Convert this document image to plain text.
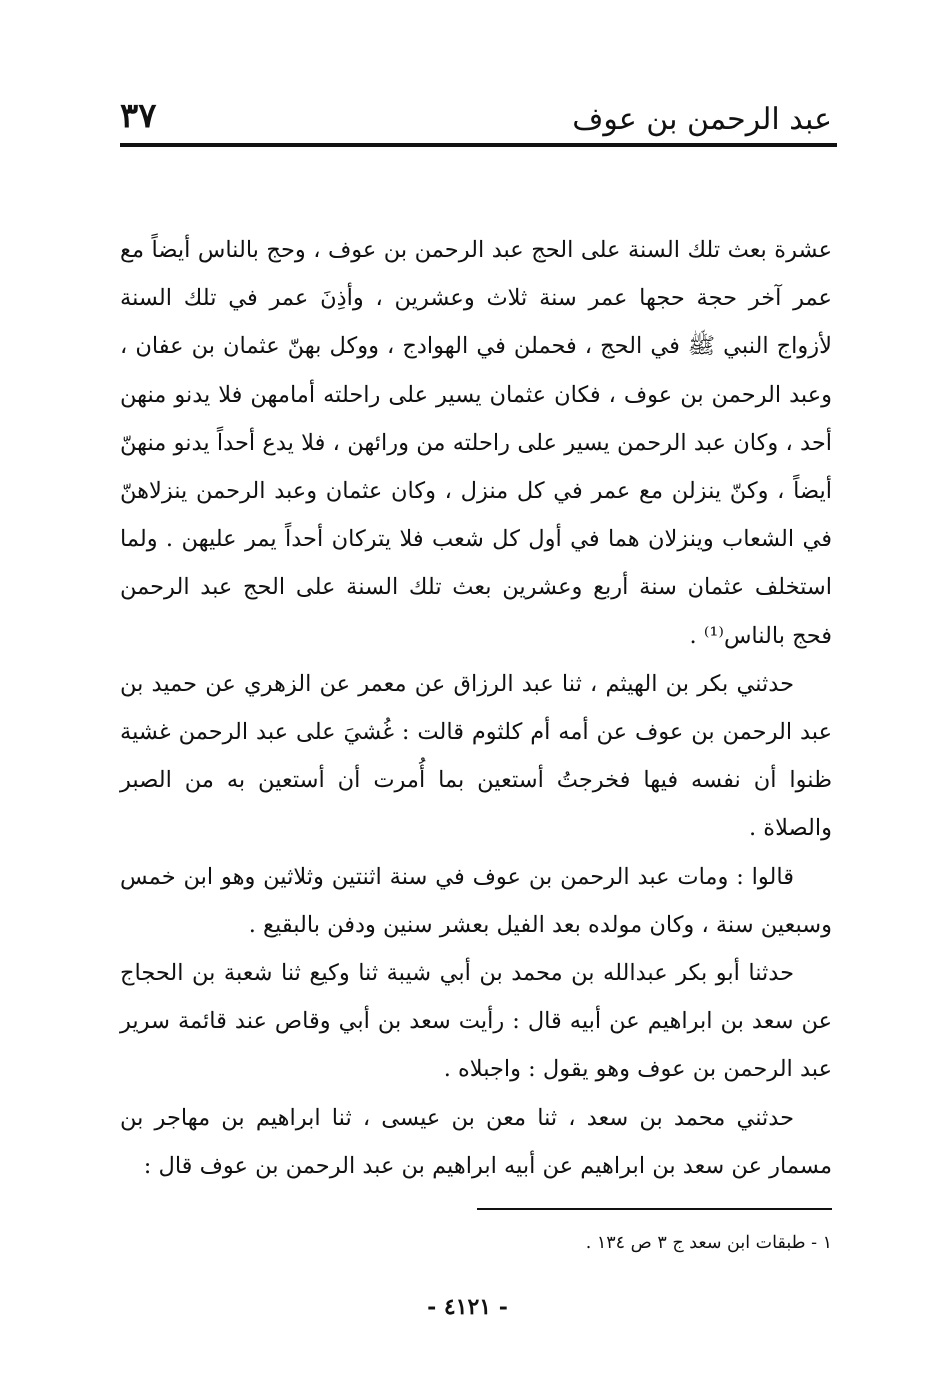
عبد الرحمن بن عوف
٣٧

عشرة بعث تلك السنة على الحج عبد الرحمن بن عوف ، وحج بالناس أيضاً مع عمر آخر حجة حجها عمر سنة ثلاث وعشرين ، وأذِنَ عمر في تلك السنة لأزواج النبي ﷺ في الحج ، فحملن في الهوادج ، ووكل بهنّ عثمان بن عفان ، وعبد الرحمن بن عوف ، فكان عثمان يسير على راحلته أمامهن فلا يدنو منهن أحد ، وكان عبد الرحمن يسير على راحلته من ورائهن ، فلا يدع أحداً يدنو منهنّ أيضاً ، وكنّ ينزلن مع عمر في كل منزل ، وكان عثمان وعبد الرحمن ينزلاهنّ في الشعاب وينزلان هما في أول كل شعب فلا يتركان أحداً يمر عليهن . ولما استخلف عثمان سنة أربع وعشرين بعث تلك السنة على الحج عبد الرحمن فحج بالناس⁽¹⁾ .

حدثني بكر بن الهيثم ، ثنا عبد الرزاق عن معمر عن الزهري عن حميد بن عبد الرحمن بن عوف عن أمه أم كلثوم قالت : غُشيَ على عبد الرحمن غشية ظنوا أن نفسه فيها فخرجتُ أستعين بما أُمرت أن أستعين به من الصبر والصلاة .

قالوا : ومات عبد الرحمن بن عوف في سنة اثنتين وثلاثين وهو ابن خمس وسبعين سنة ، وكان مولده بعد الفيل بعشر سنين ودفن بالبقيع .

حدثنا أبو بكر عبدالله بن محمد بن أبي شيبة ثنا وكيع ثنا شعبة بن الحجاج عن سعد بن ابراهيم عن أبيه قال : رأيت سعد بن أبي وقاص عند قائمة سرير عبد الرحمن بن عوف وهو يقول : واجبلاه .

حدثني محمد بن سعد ، ثنا معن بن عيسى ، ثنا ابراهيم بن مهاجر بن مسمار عن سعد بن ابراهيم عن أبيه ابراهيم بن عبد الرحمن بن عوف قال :

١ - طبقات ابن سعد ج ٣ ص ١٣٤ .
- ٤١٢١ -
